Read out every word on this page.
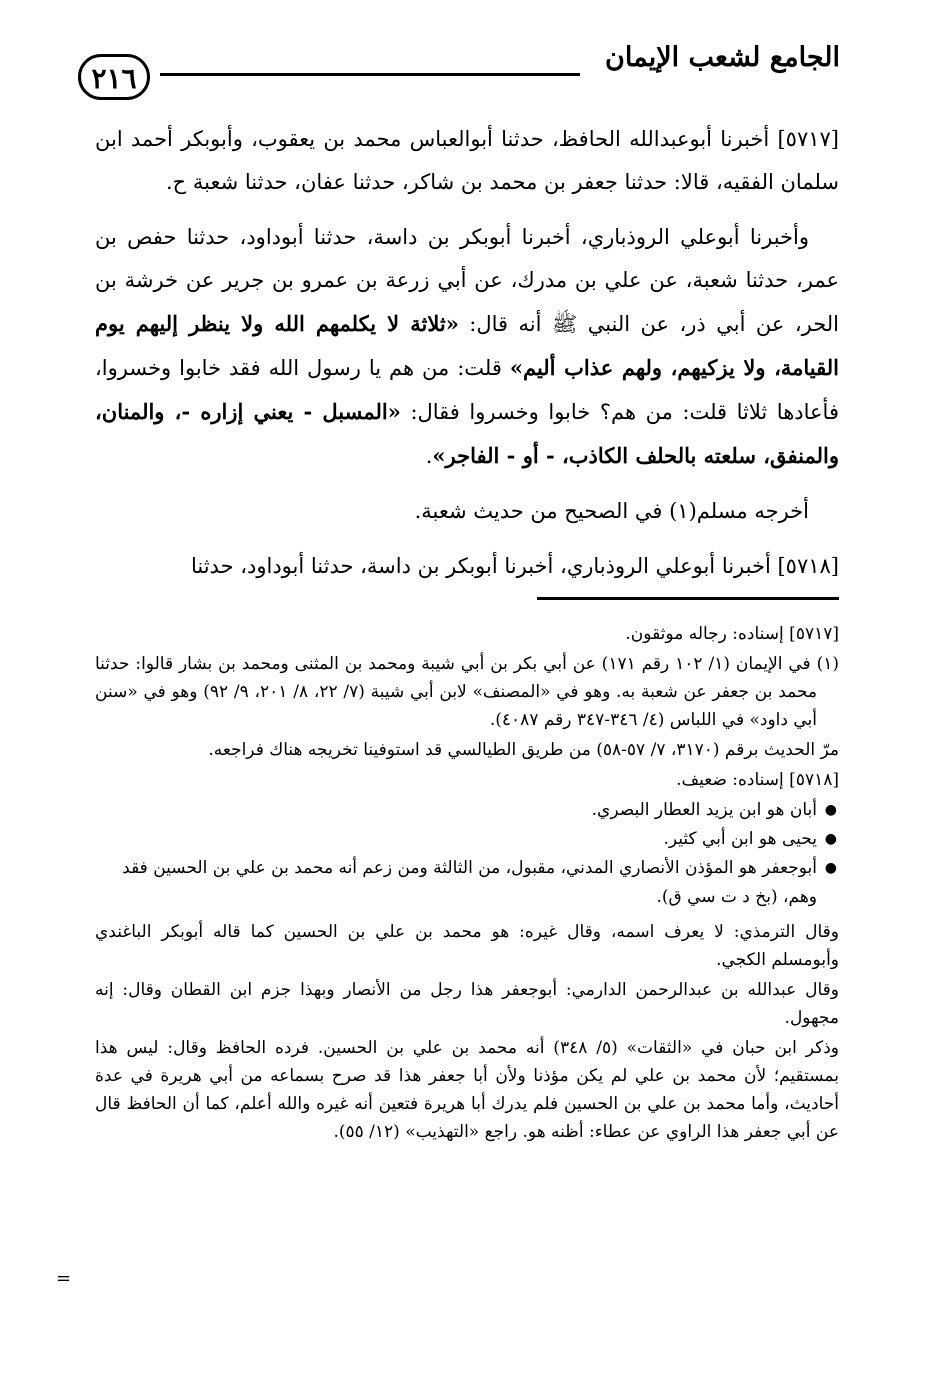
الجامع لشعب الإيمان
٢١٦

[٥٧١٧] أخبرنا أبوعبدالله الحافظ، حدثنا أبوالعباس محمد بن يعقوب، وأبوبكر أحمد ابن سلمان الفقيه، قالا: حدثنا جعفر بن محمد بن شاكر، حدثنا عفان، حدثنا شعبة ح.

وأخبرنا أبوعلي الروذباري، أخبرنا أبوبكر بن داسة، حدثنا أبوداود، حدثنا حفص بن عمر، حدثنا شعبة، عن علي بن مدرك، عن أبي زرعة بن عمرو بن جرير عن خرشة بن الحر، عن أبي ذر، عن النبي ﷺ أنه قال: «ثلاثة لا يكلمهم الله ولا ينظر إليهم يوم القيامة، ولا يزكيهم، ولهم عذاب أليم» قلت: من هم يا رسول الله فقد خابوا وخسروا، فأعادها ثلاثا قلت: من هم؟ خابوا وخسروا فقال: «المسبل - يعني إزاره -، والمنان، والمنفق، سلعته بالحلف الكاذب، - أو - الفاجر».

أخرجه مسلم(١) في الصحيح من حديث شعبة.

[٥٧١٨] أخبرنا أبوعلي الروذباري، أخبرنا أبوبكر بن داسة، حدثنا أبوداود، حدثنا

[٥٧١٧] إسناده: رجاله موثقون.

(١) في الإيمان (١/ ١٠٢ رقم ١٧١) عن أبي بكر بن أبي شيبة ومحمد بن المثنى ومحمد بن بشار قالوا: حدثنا محمد بن جعفر عن شعبة به. وهو في «المصنف» لابن أبي شيبة (٧/ ٢٢، ٨/ ٢٠١، ٩/ ٩٢) وهو في «سنن أبي داود» في اللباس (٤/ ٣٤٦-٣٤٧ رقم ٤٠٨٧).

مرّ الحديث برقم (٣١٧٠، ٧/ ٥٧-٥٨) من طريق الطيالسي قد استوفينا تخريجه هناك فراجعه.

[٥٧١٨] إسناده: ضعيف.

●
أبان هو ابن يزيد العطار البصري.
●
يحيى هو ابن أبي كثير.
●
أبوجعفر هو المؤذن الأنصاري المدني، مقبول، من الثالثة ومن زعم أنه محمد بن علي بن الحسين فقد وهم، (بخ د ت سي ق).

وقال الترمذي: لا يعرف اسمه، وقال غيره: هو محمد بن علي بن الحسين كما قاله أبوبكر الباغندي وأبومسلم الكجي.

وقال عبدالله بن عبدالرحمن الدارمي: أبوجعفر هذا رجل من الأنصار وبهذا جزم ابن القطان وقال: إنه مجهول.

وذكر ابن حبان في «الثقات» (٥/ ٣٤٨) أنه محمد بن علي بن الحسين. فرده الحافظ وقال: ليس هذا بمستقيم؛ لأن محمد بن علي لم يكن مؤذنا ولأن أبا جعفر هذا قد صرح بسماعه من أبي هريرة في عدة أحاديث، وأما محمد بن علي بن الحسين فلم يدرك أبا هريرة فتعين أنه غيره والله أعلم، كما أن الحافظ قال عن أبي جعفر هذا الراوي عن عطاء: أظنه هو. راجع «التهذيب» (١٢/ ٥٥).

=
